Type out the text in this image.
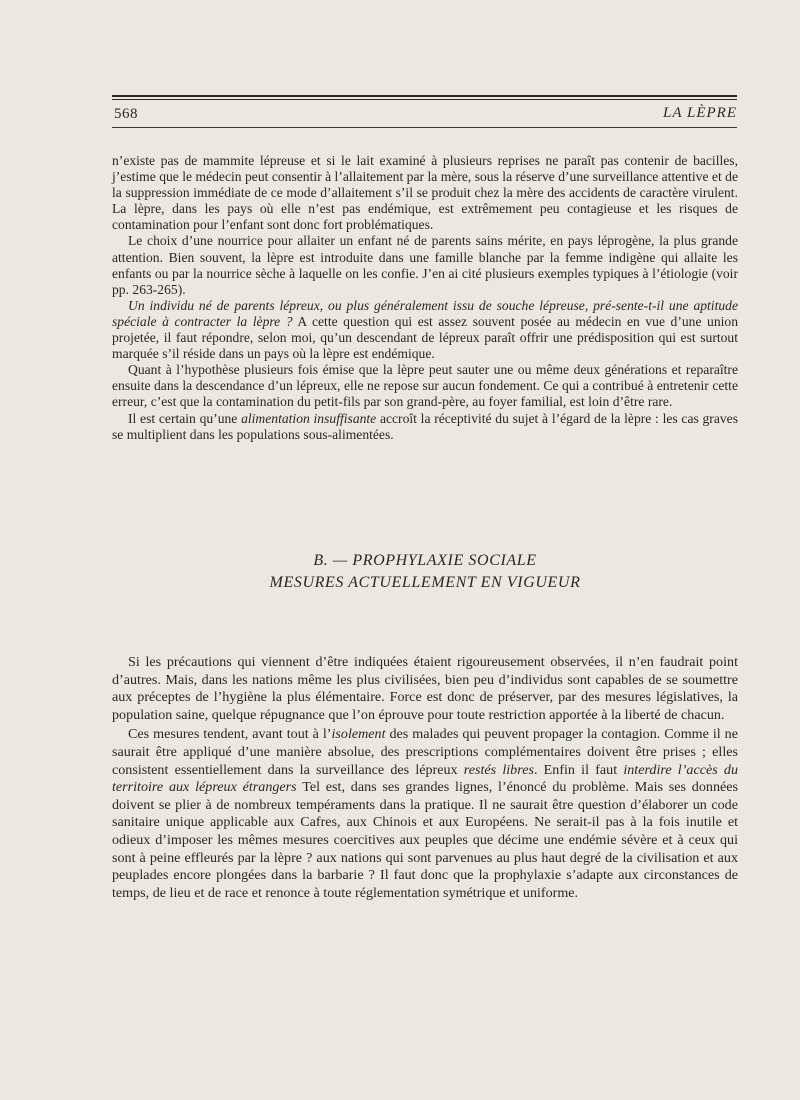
568	LA LÈPRE

n’existe pas de mammite lépreuse et si le lait examiné à plusieurs reprises ne paraît pas contenir de bacilles, j’estime que le médecin peut consentir à l’allaitement par la mère, sous la réserve d’une surveillance attentive et de la suppression immédiate de ce mode d’allaitement s’il se produit chez la mère des accidents de caractère virulent. La lèpre, dans les pays où elle n’est pas endémique, est extrêmement peu contagieuse et les risques de contamination pour l’enfant sont donc fort problématiques.

Le choix d’une nourrice pour allaiter un enfant né de parents sains mérite, en pays léprogène, la plus grande attention. Bien souvent, la lèpre est introduite dans une famille blanche par la femme indigène qui allaite les enfants ou par la nourrice sèche à laquelle on les confie. J’en ai cité plusieurs exemples typiques à l’étiologie (voir pp. 263-265).

Un individu né de parents lépreux, ou plus généralement issu de souche lépreuse, pré-sente-t-il une aptitude spéciale à contracter la lèpre ? A cette question qui est assez souvent posée au médecin en vue d’une union projetée, il faut répondre, selon moi, qu’un descendant de lépreux paraît offrir une prédisposition qui est surtout marquée s’il réside dans un pays où la lèpre est endémique.

Quant à l’hypothèse plusieurs fois émise que la lèpre peut sauter une ou même deux générations et reparaître ensuite dans la descendance d’un lépreux, elle ne repose sur aucun fondement. Ce qui a contribué à entretenir cette erreur, c’est que la contamination du petit-fils par son grand-père, au foyer familial, est loin d’être rare.

Il est certain qu’une alimentation insuffisante accroît la réceptivité du sujet à l’égard de la lèpre : les cas graves se multiplient dans les populations sous-alimentées.

B. — PROPHYLAXIE SOCIALE
MESURES ACTUELLEMENT EN VIGUEUR

Si les précautions qui viennent d’être indiquées étaient rigoureusement observées, il n’en faudrait point d’autres. Mais, dans les nations même les plus civilisées, bien peu d’individus sont capables de se soumettre aux préceptes de l’hygiène la plus élémentaire. Force est donc de préserver, par des mesures législatives, la population saine, quelque répugnance que l’on éprouve pour toute restriction apportée à la liberté de chacun.

Ces mesures tendent, avant tout à l’isolement des malades qui peuvent propager la contagion. Comme il ne saurait être appliqué d’une manière absolue, des prescriptions complémentaires doivent être prises ; elles consistent essentiellement dans la surveillance des lépreux restés libres. Enfin il faut interdire l’accès du territoire aux lépreux étrangers Tel est, dans ses grandes lignes, l’énoncé du problème. Mais ses données doivent se plier à de nombreux tempéraments dans la pratique. Il ne saurait être question d’élaborer un code sanitaire unique applicable aux Cafres, aux Chinois et aux Européens. Ne serait-il pas à la fois inutile et odieux d’imposer les mêmes mesures coercitives aux peuples que décime une endémie sévère et à ceux qui sont à peine effleurés par la lèpre ? aux nations qui sont parvenues au plus haut degré de la civilisation et aux peuplades encore plongées dans la barbarie ? Il faut donc que la prophylaxie s’adapte aux circonstances de temps, de lieu et de race et renonce à toute réglementation symétrique et uniforme.
